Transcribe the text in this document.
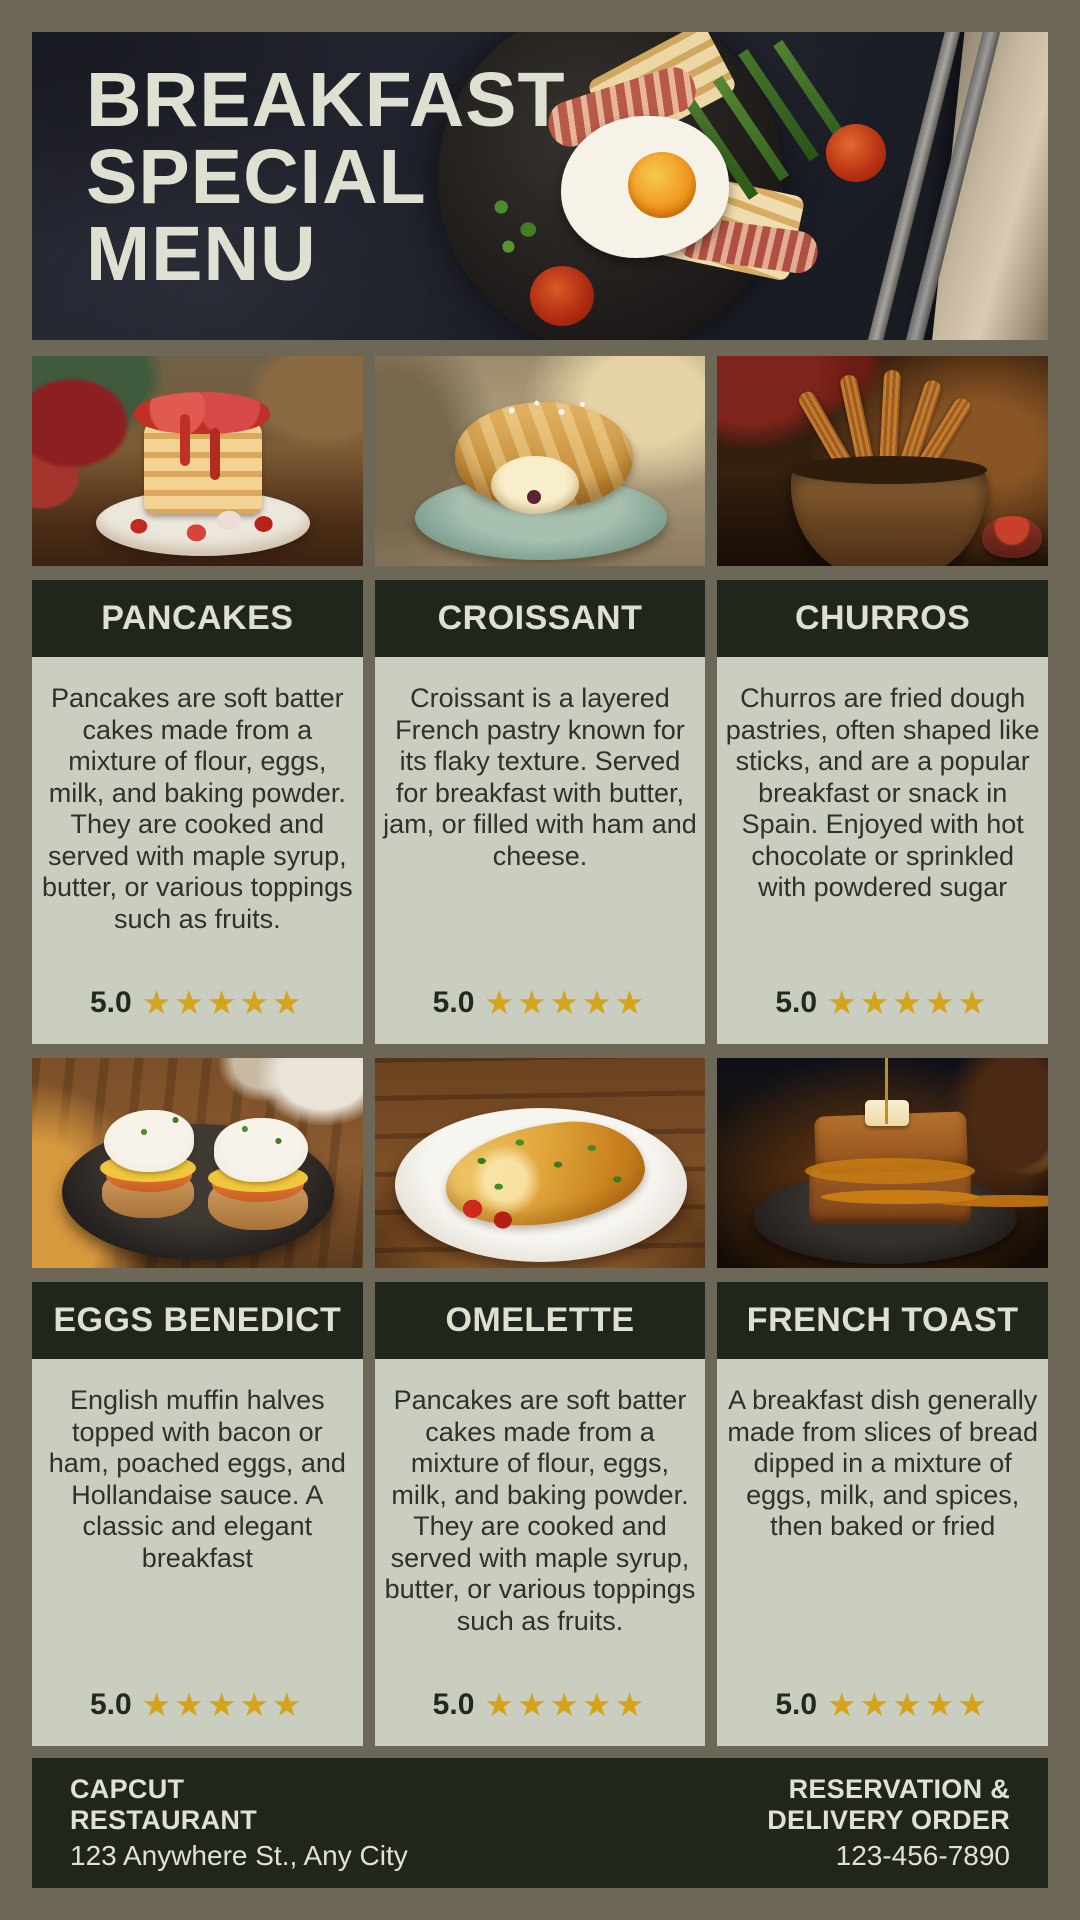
BREAKFAST
SPECIAL
MENU
PANCAKES

Pancakes are soft batter cakes made from a mixture of flour, eggs, milk, and baking powder. They are cooked and served with maple syrup, butter, or various toppings such as fruits.

5.0 ★★★★★
CROISSANT

Croissant is a layered French pastry known for its flaky texture. Served for breakfast with butter, jam, or filled with ham and cheese.

5.0 ★★★★★
CHURROS

Churros are fried dough pastries, often shaped like sticks, and are a popular breakfast or snack in Spain. Enjoyed with hot chocolate or sprinkled with powdered sugar

5.0 ★★★★★
EGGS BENEDICT

English muffin halves topped with bacon or ham, poached eggs, and Hollandaise sauce. A classic and elegant breakfast

5.0 ★★★★★
OMELETTE

Pancakes are soft batter cakes made from a mixture of flour, eggs, milk, and baking powder. They are cooked and served with maple syrup, butter, or various toppings such as fruits.

5.0 ★★★★★
FRENCH TOAST

A breakfast dish generally made from slices of bread dipped in a mixture of eggs, milk, and spices, then baked or fried

5.0 ★★★★★
CAPCUT
RESTAURANT
123 Anywhere St., Any City
RESERVATION &
DELIVERY ORDER
123-456-7890
